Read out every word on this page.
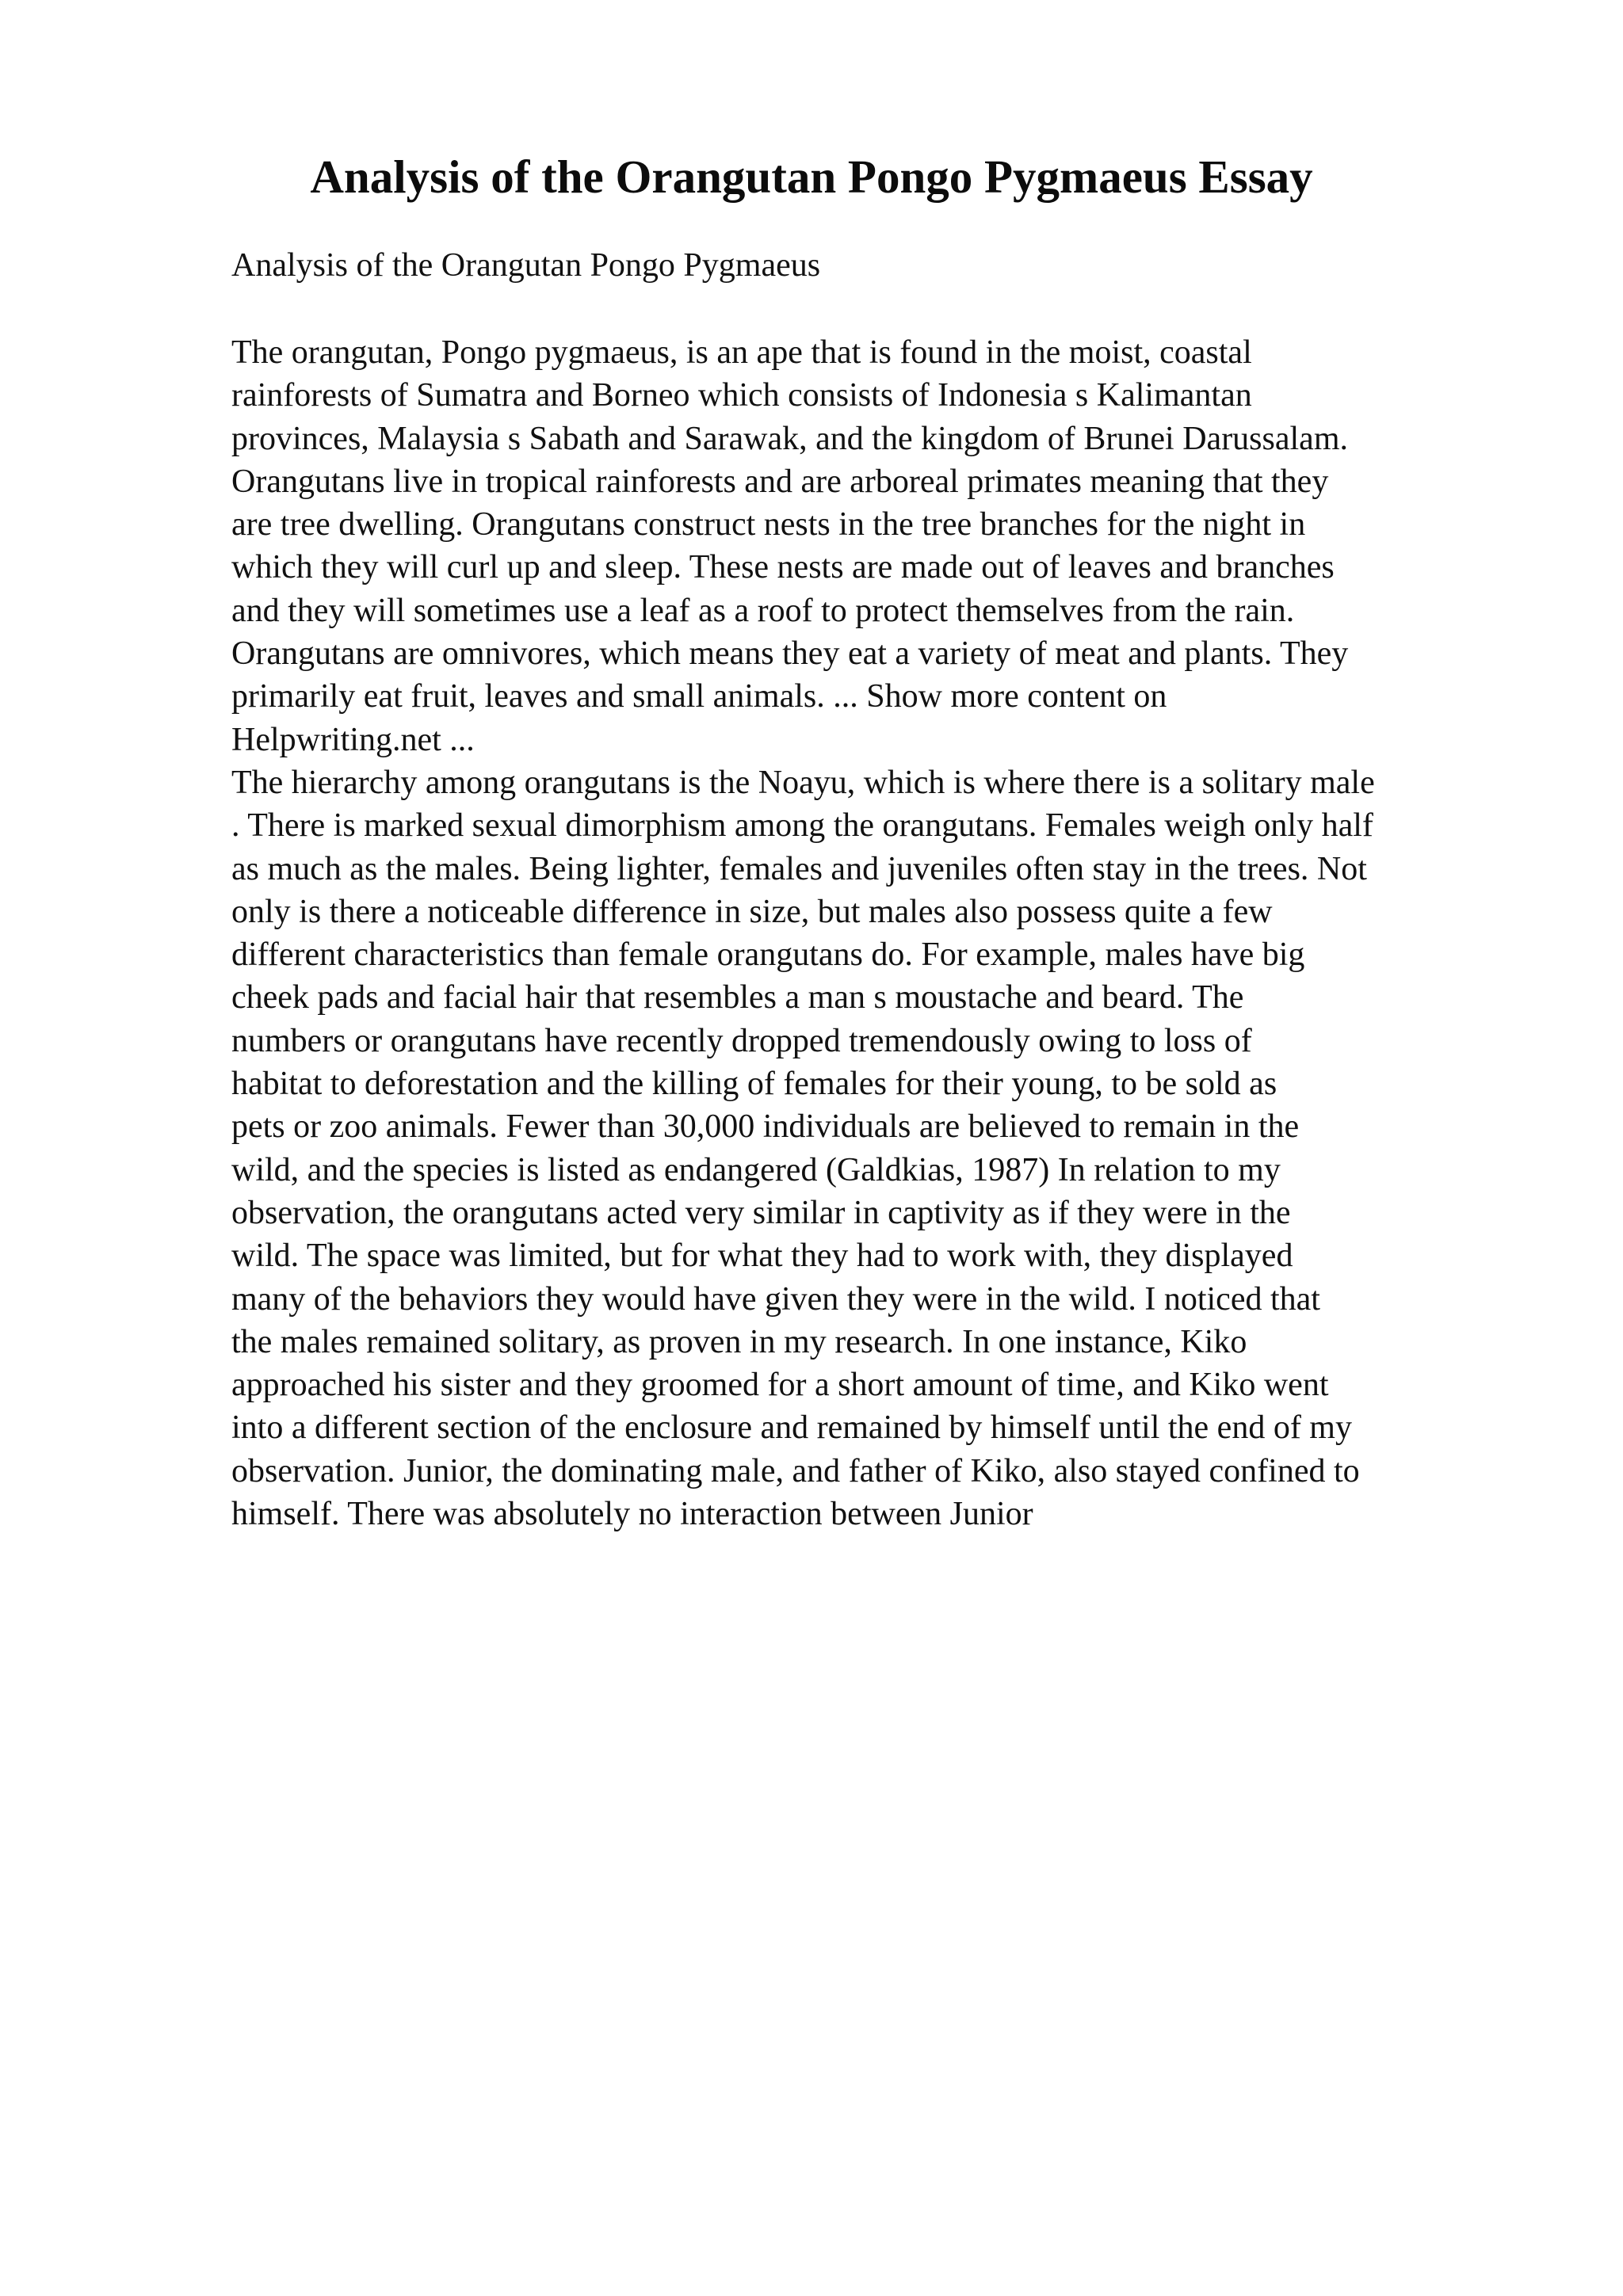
Analysis of the Orangutan Pongo Pygmaeus Essay

Analysis of the Orangutan Pongo Pygmaeus

The orangutan, Pongo pygmaeus, is an ape that is found in the moist, coastal
rainforests of Sumatra and Borneo which consists of Indonesia s Kalimantan
provinces, Malaysia s Sabath and Sarawak, and the kingdom of Brunei Darussalam.
Orangutans live in tropical rainforests and are arboreal primates meaning that they
are tree dwelling. Orangutans construct nests in the tree branches for the night in
which they will curl up and sleep. These nests are made out of leaves and branches
and they will sometimes use a leaf as a roof to protect themselves from the rain.
Orangutans are omnivores, which means they eat a variety of meat and plants. They
primarily eat fruit, leaves and small animals. ... Show more content on
Helpwriting.net ...
The hierarchy among orangutans is the Noayu, which is where there is a solitary male
. There is marked sexual dimorphism among the orangutans. Females weigh only half
as much as the males. Being lighter, females and juveniles often stay in the trees. Not
only is there a noticeable difference in size, but males also possess quite a few
different characteristics than female orangutans do. For example, males have big
cheek pads and facial hair that resembles a man s moustache and beard. The
numbers or orangutans have recently dropped tremendously owing to loss of
habitat to deforestation and the killing of females for their young, to be sold as
pets or zoo animals. Fewer than 30,000 individuals are believed to remain in the
wild, and the species is listed as endangered (Galdkias, 1987) In relation to my
observation, the orangutans acted very similar in captivity as if they were in the
wild. The space was limited, but for what they had to work with, they displayed
many of the behaviors they would have given they were in the wild. I noticed that
the males remained solitary, as proven in my research. In one instance, Kiko
approached his sister and they groomed for a short amount of time, and Kiko went
into a different section of the enclosure and remained by himself until the end of my
observation. Junior, the dominating male, and father of Kiko, also stayed confined to
himself. There was absolutely no interaction between Junior
